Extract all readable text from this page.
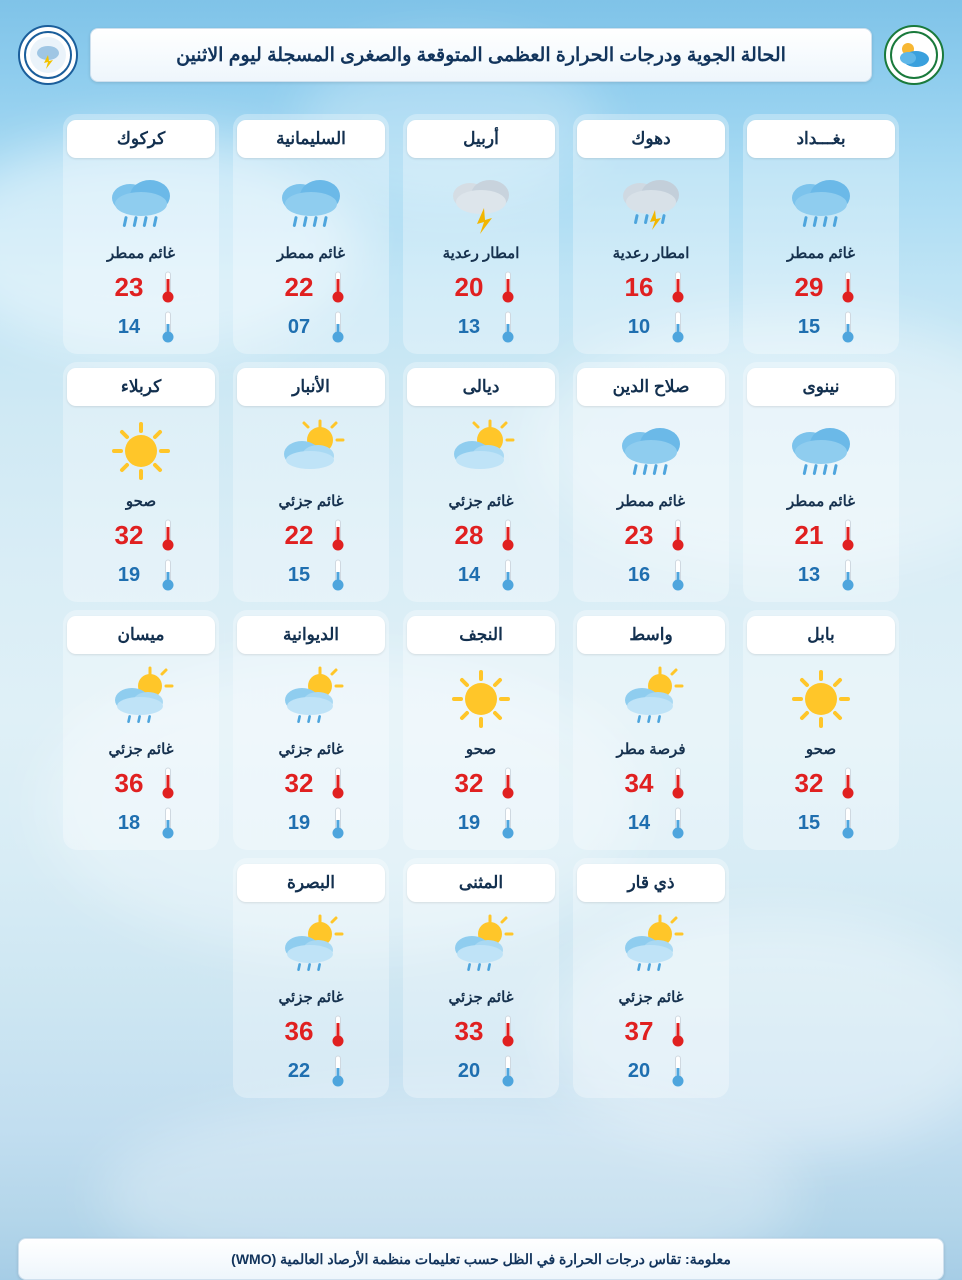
الحالة الجوية ودرجات الحرارة العظمى المتوقعة والصغرى المسجلة ليوم الاثنين
بغـــداد
غائم ممطر
29
15
دهوك
امطار رعدية
16
10
أربيل
امطار رعدية
20
13
السليمانية
غائم ممطر
22
07
كركوك
غائم ممطر
23
14
نينوى
غائم ممطر
21
13
صلاح الدين
غائم ممطر
23
16
ديالى
غائم جزئي
28
14
الأنبار
غائم جزئي
22
15
كربلاء
صحو
32
19
بابل
صحو
32
15
واسط
فرصة مطر
34
14
النجف
صحو
32
19
الديوانية
غائم جزئي
32
19
ميسان
غائم جزئي
36
18
ذي قار
غائم جزئي
37
20
المثنى
غائم جزئي
33
20
البصرة
غائم جزئي
36
22
معلومة: تقاس درجات الحرارة في الظل حسب تعليمات منظمة الأرصاد العالمية (WMO)
